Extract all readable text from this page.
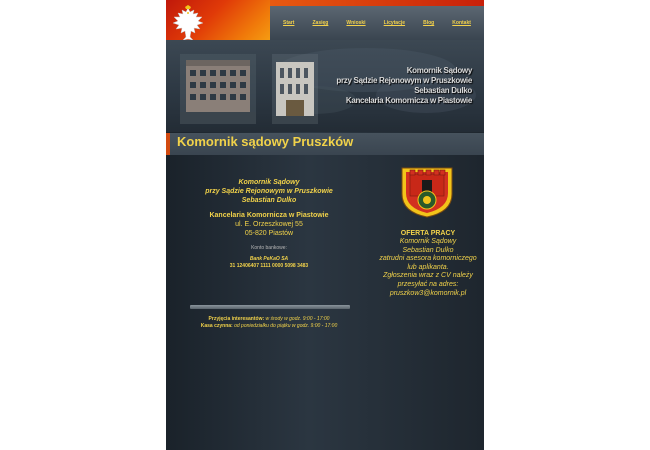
Start	Zasięg	Wnioski	Licytacje	Blog	Kontakt
Komornik Sądowy
przy Sądzie Rejonowym w Pruszkowie
Sebastian Dulko
Kancelaria Komornicza w Piastowie
Komornik sądowy Pruszków
Komornik Sądowy
przy Sądzie Rejonowym w Pruszkowie
Sebastian Dulko
Kancelaria Komornicza w Piastowie
ul. E. Orzeszkowej 55
05-820 Piastów
Konto bankowe:
Bank PeKaO SA
31 12406407 1111 0000 5098 3483
Przyjęcia interesantów: w środy w godz. 9:00 - 17:00
Kasa czynna: od poniedziałku do piątku w godz. 9:00 - 17:00
OFERTA PRACY
Komornik Sądowy
Sebastian Dulko
zatrudni asesora komorniczego
lub aplikanta.
Zgłoszenia wraz z CV należy
przesyłać na adres:
pruszkow3@komornik.pl
